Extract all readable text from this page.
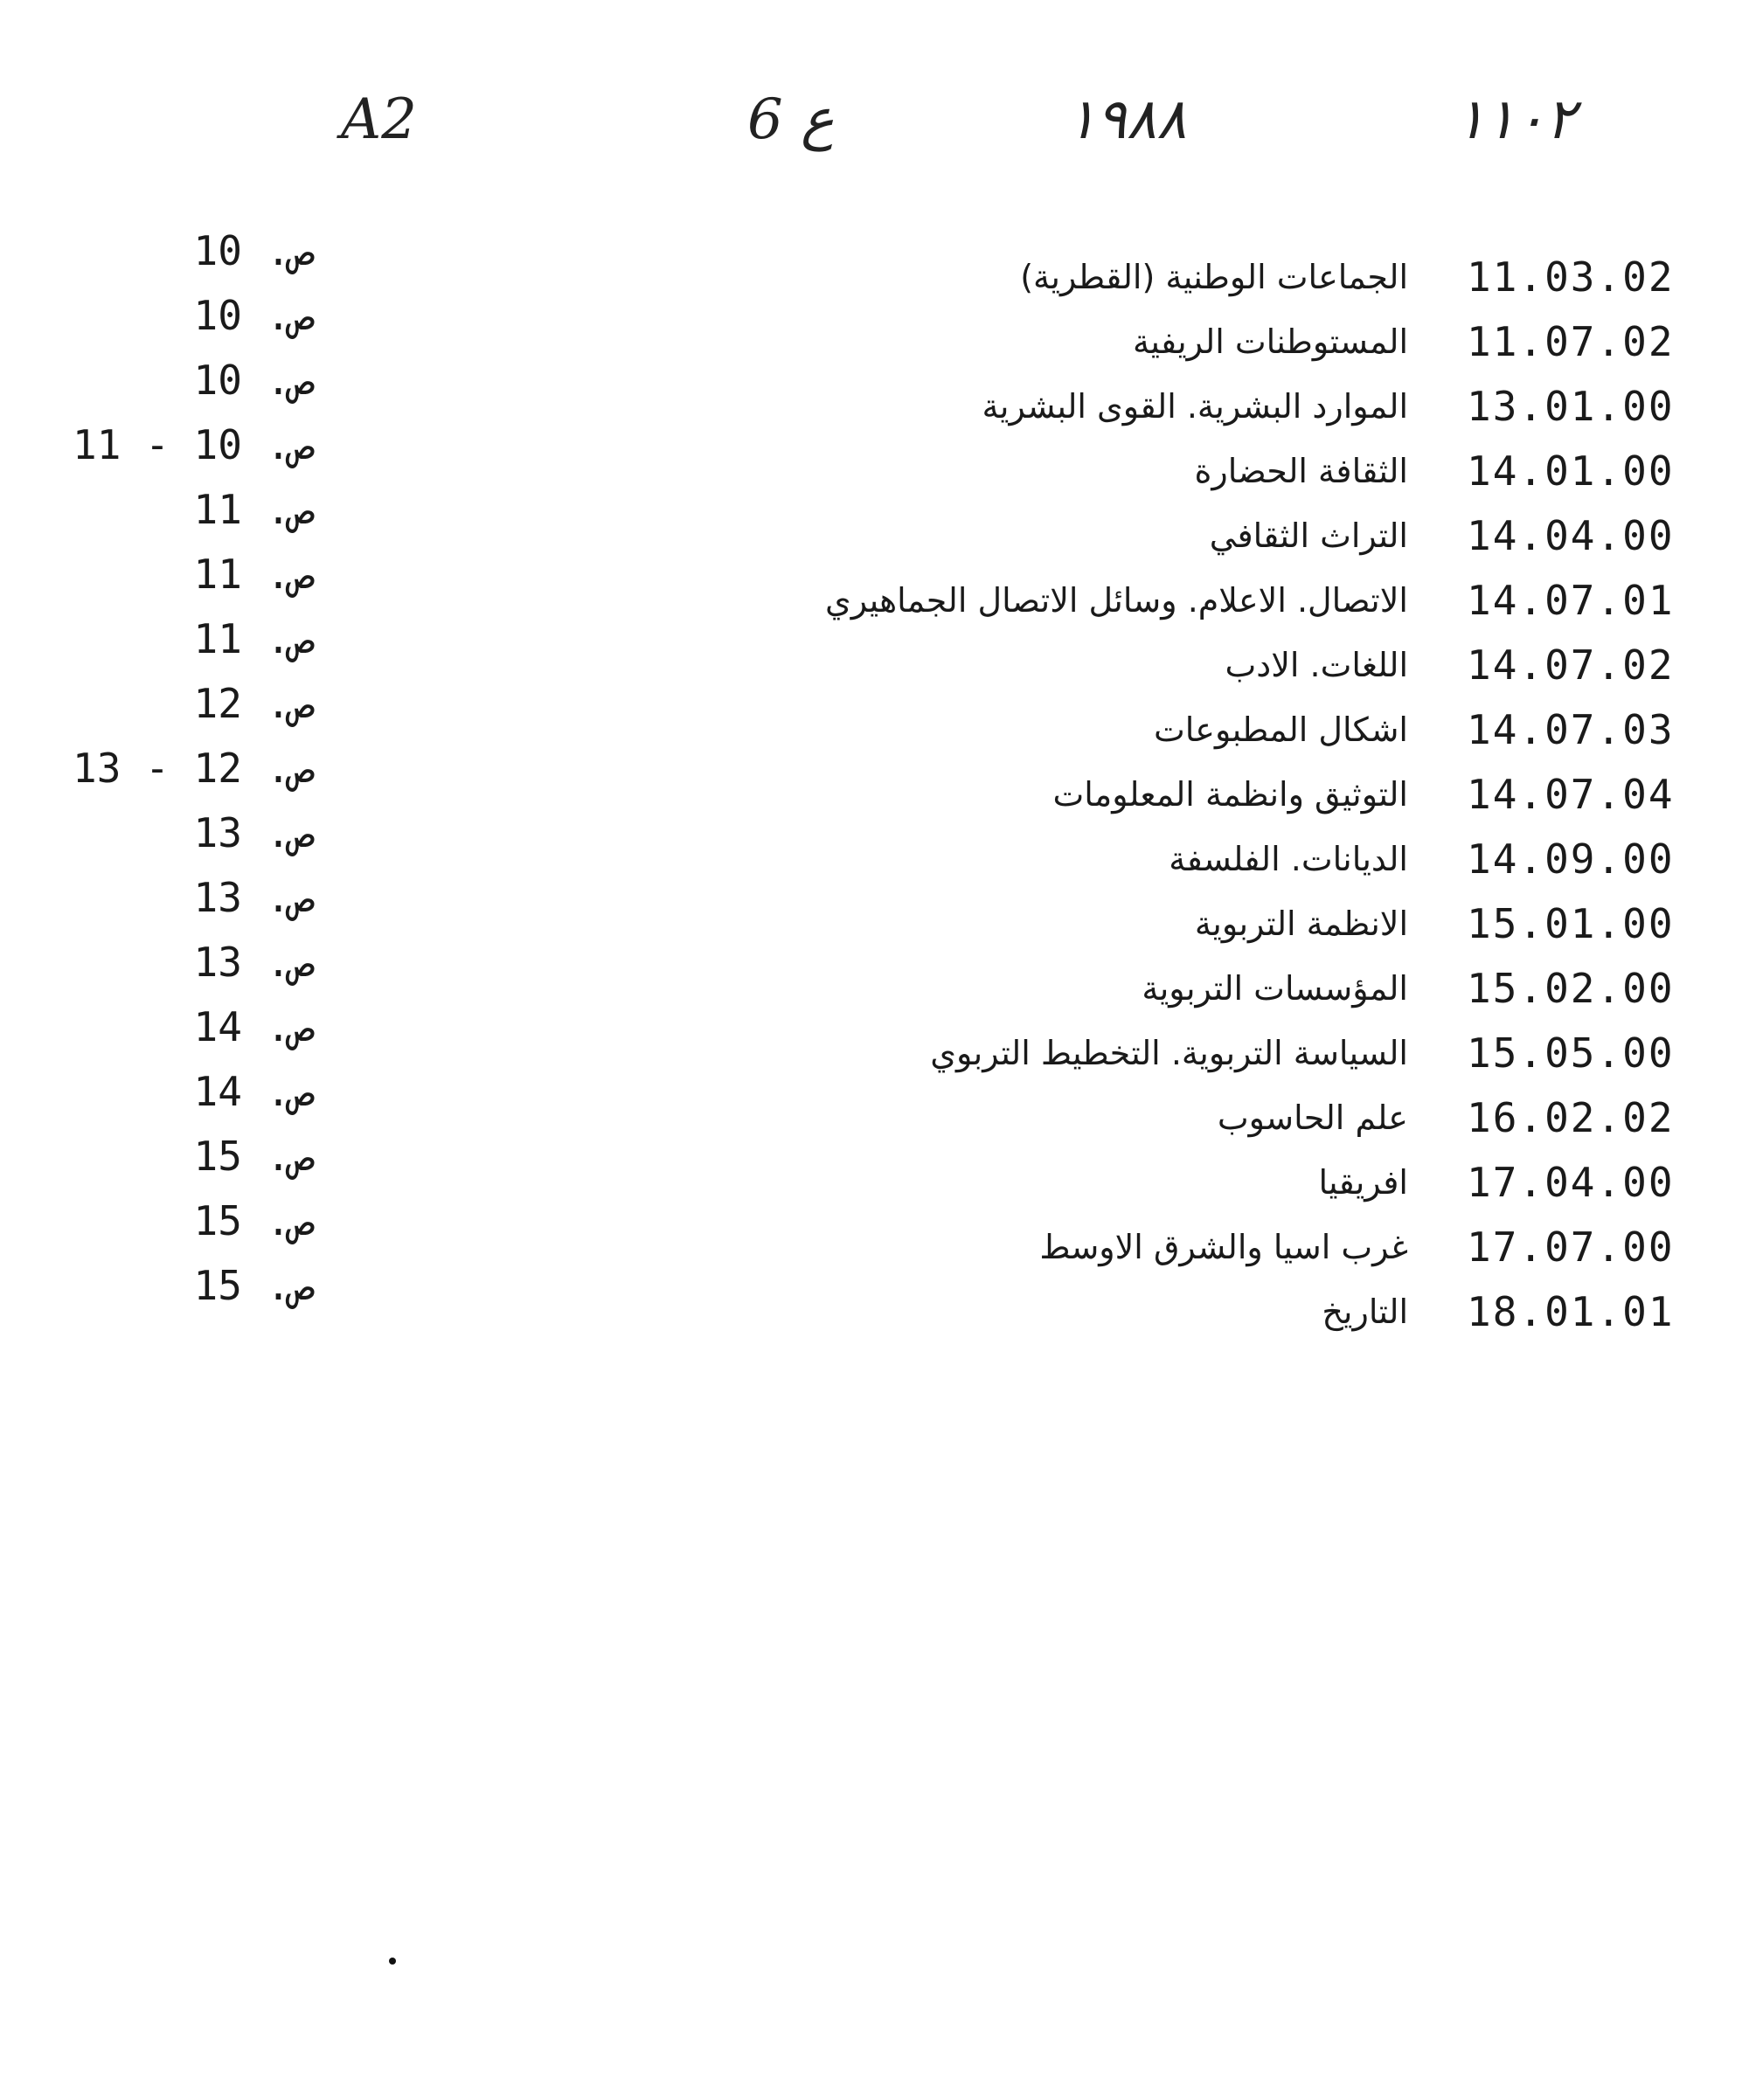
١١٠٢
١٩٨٨
ع 6
A2
11.03.02
الجماعات الوطنية (القطرية)
ص. 10
11.07.02
المستوطنات الريفية
ص. 10
13.01.00
الموارد البشرية. القوى البشرية
ص. 10
14.01.00
الثقافة الحضارة
ص. 10 - 11
14.04.00
التراث الثقافي
ص. 11
14.07.01
الاتصال. الاعلام. وسائل الاتصال الجماهيري
ص. 11
14.07.02
اللغات. الادب
ص. 11
14.07.03
اشكال المطبوعات
ص. 12
14.07.04
التوثيق وانظمة المعلومات
ص. 12 - 13
14.09.00
الديانات. الفلسفة
ص. 13
15.01.00
الانظمة التربوية
ص. 13
15.02.00
المؤسسات التربوية
ص. 13
15.05.00
السياسة التربوية. التخطيط التربوي
ص. 14
16.02.02
علم الحاسوب
ص. 14
17.04.00
افريقيا
ص. 15
17.07.00
غرب اسيا والشرق الاوسط
ص. 15
18.01.01
التاريخ
ص. 15
